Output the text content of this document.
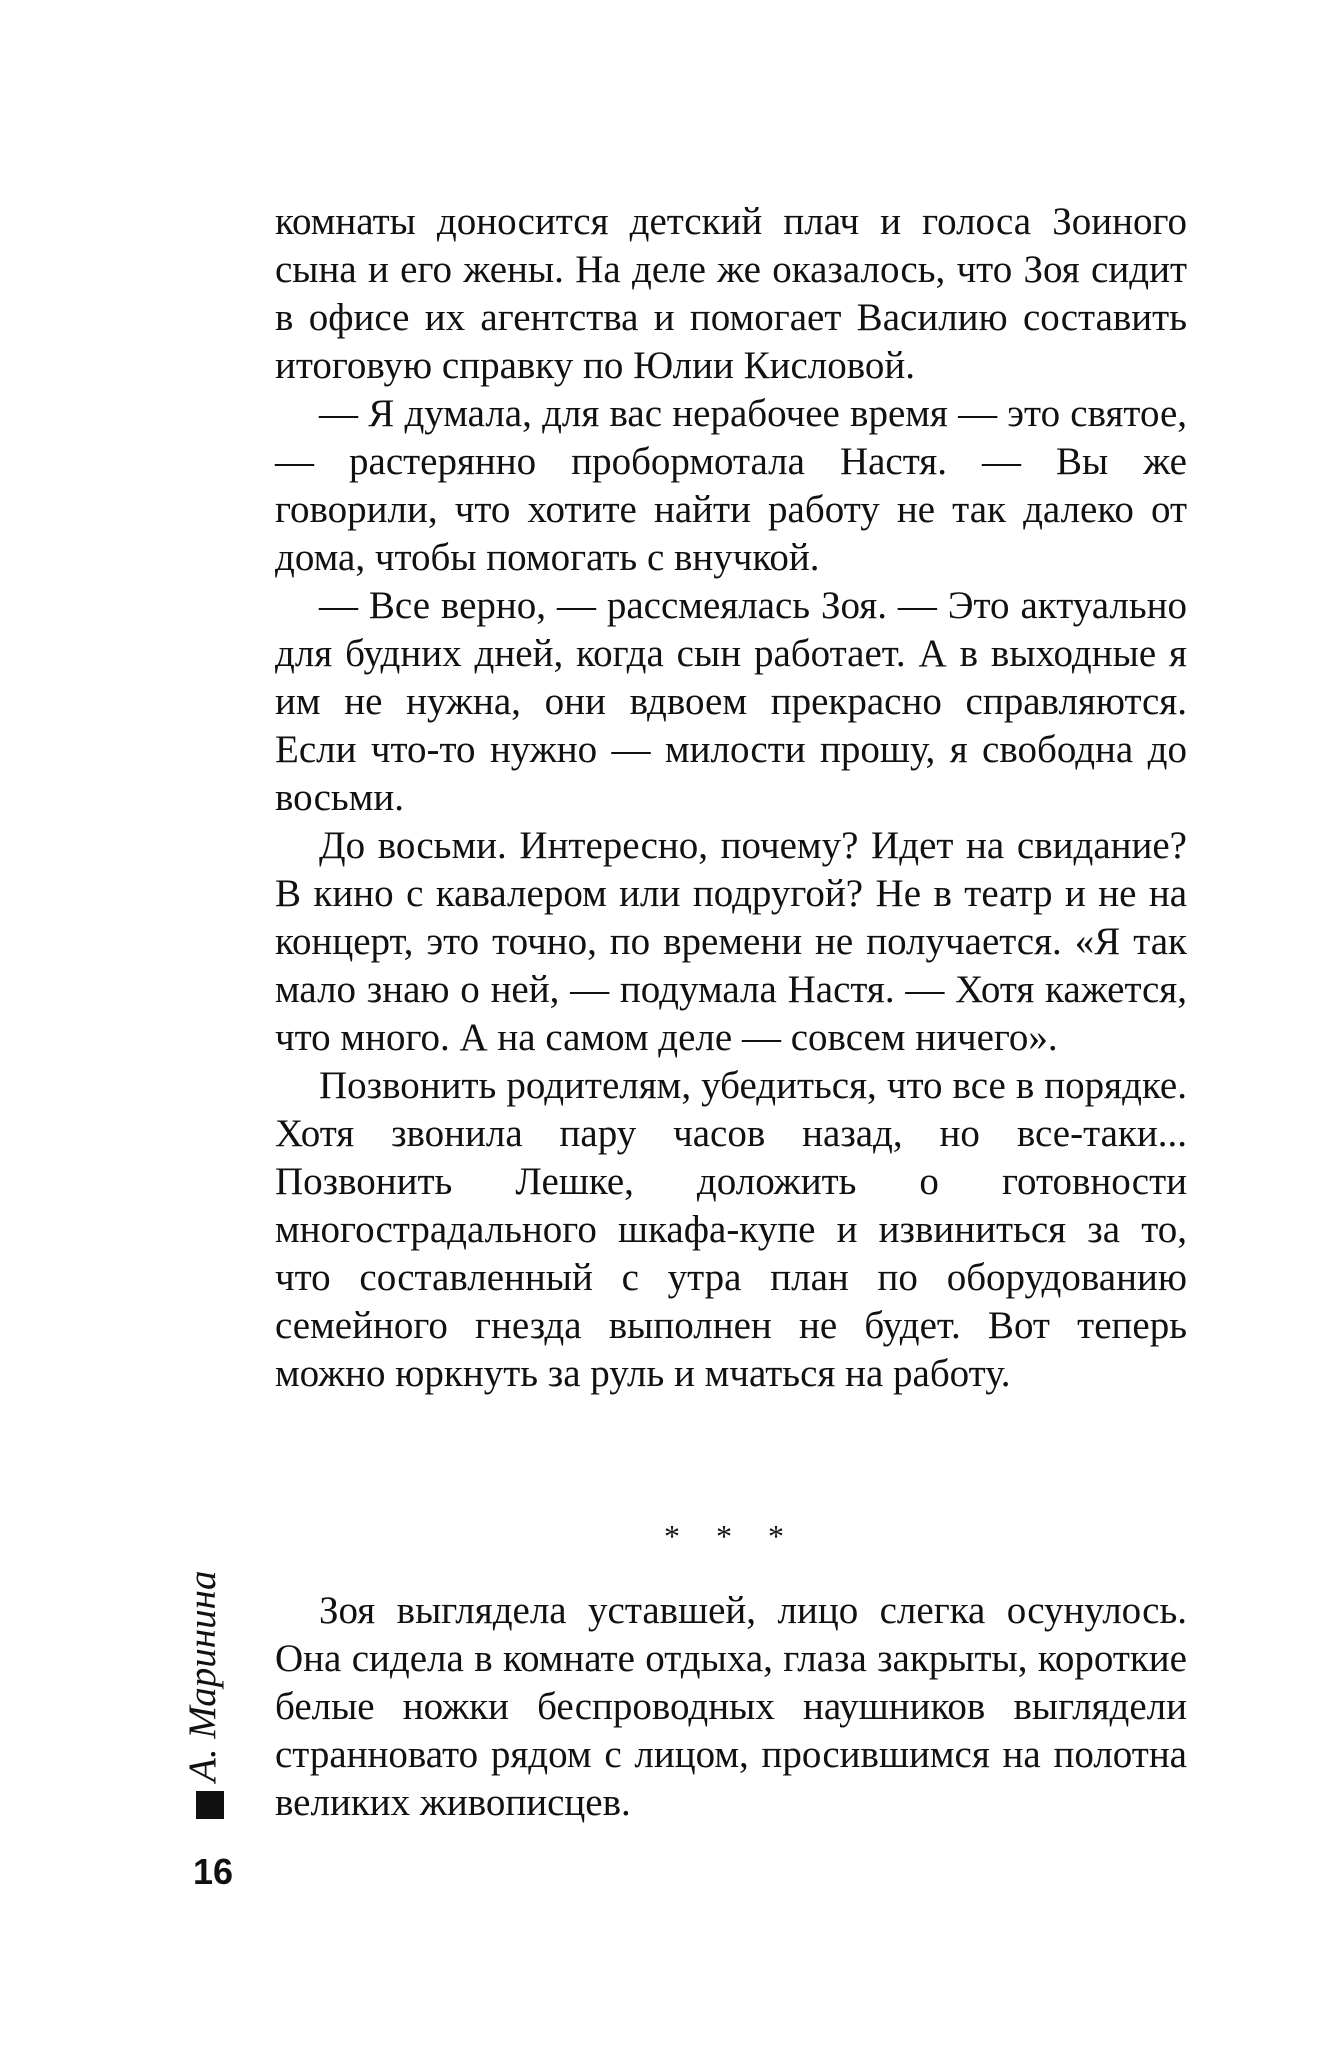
комнаты доносится детский плач и голоса Зоиного сына и его жены. На деле же оказалось, что Зоя сидит в офисе их агентства и помогает Василию составить итоговую справку по Юлии Кисловой.

— Я думала, для вас нерабочее время — это святое, — растерянно пробормотала Настя. — Вы же говорили, что хотите найти работу не так далеко от дома, чтобы помогать с внучкой.

— Все верно, — рассмеялась Зоя. — Это актуально для будних дней, когда сын работает. А в выходные я им не нужна, они вдвоем прекрасно справляются. Если что-то нужно — милости прошу, я свободна до восьми.

До восьми. Интересно, почему? Идет на свидание? В кино с кавалером или подругой? Не в театр и не на концерт, это точно, по времени не получается. «Я так мало знаю о ней, — подумала Настя. — Хотя кажется, что много. А на самом деле — совсем ничего».

Позвонить родителям, убедиться, что все в порядке. Хотя звонила пару часов назад, но все-таки... Позвонить Лешке, доложить о готовности многострадального шкафа-купе и извиниться за то, что составленный с утра план по оборудованию семейного гнезда выполнен не будет. Вот теперь можно юркнуть за руль и мчаться на работу.

* * *

Зоя выглядела уставшей, лицо слегка осунулось. Она сидела в комнате отдыха, глаза закрыты, короткие белые ножки беспроводных наушников выглядели странновато рядом с лицом, просившимся на полотна великих живописцев.

А. Маринина
16
